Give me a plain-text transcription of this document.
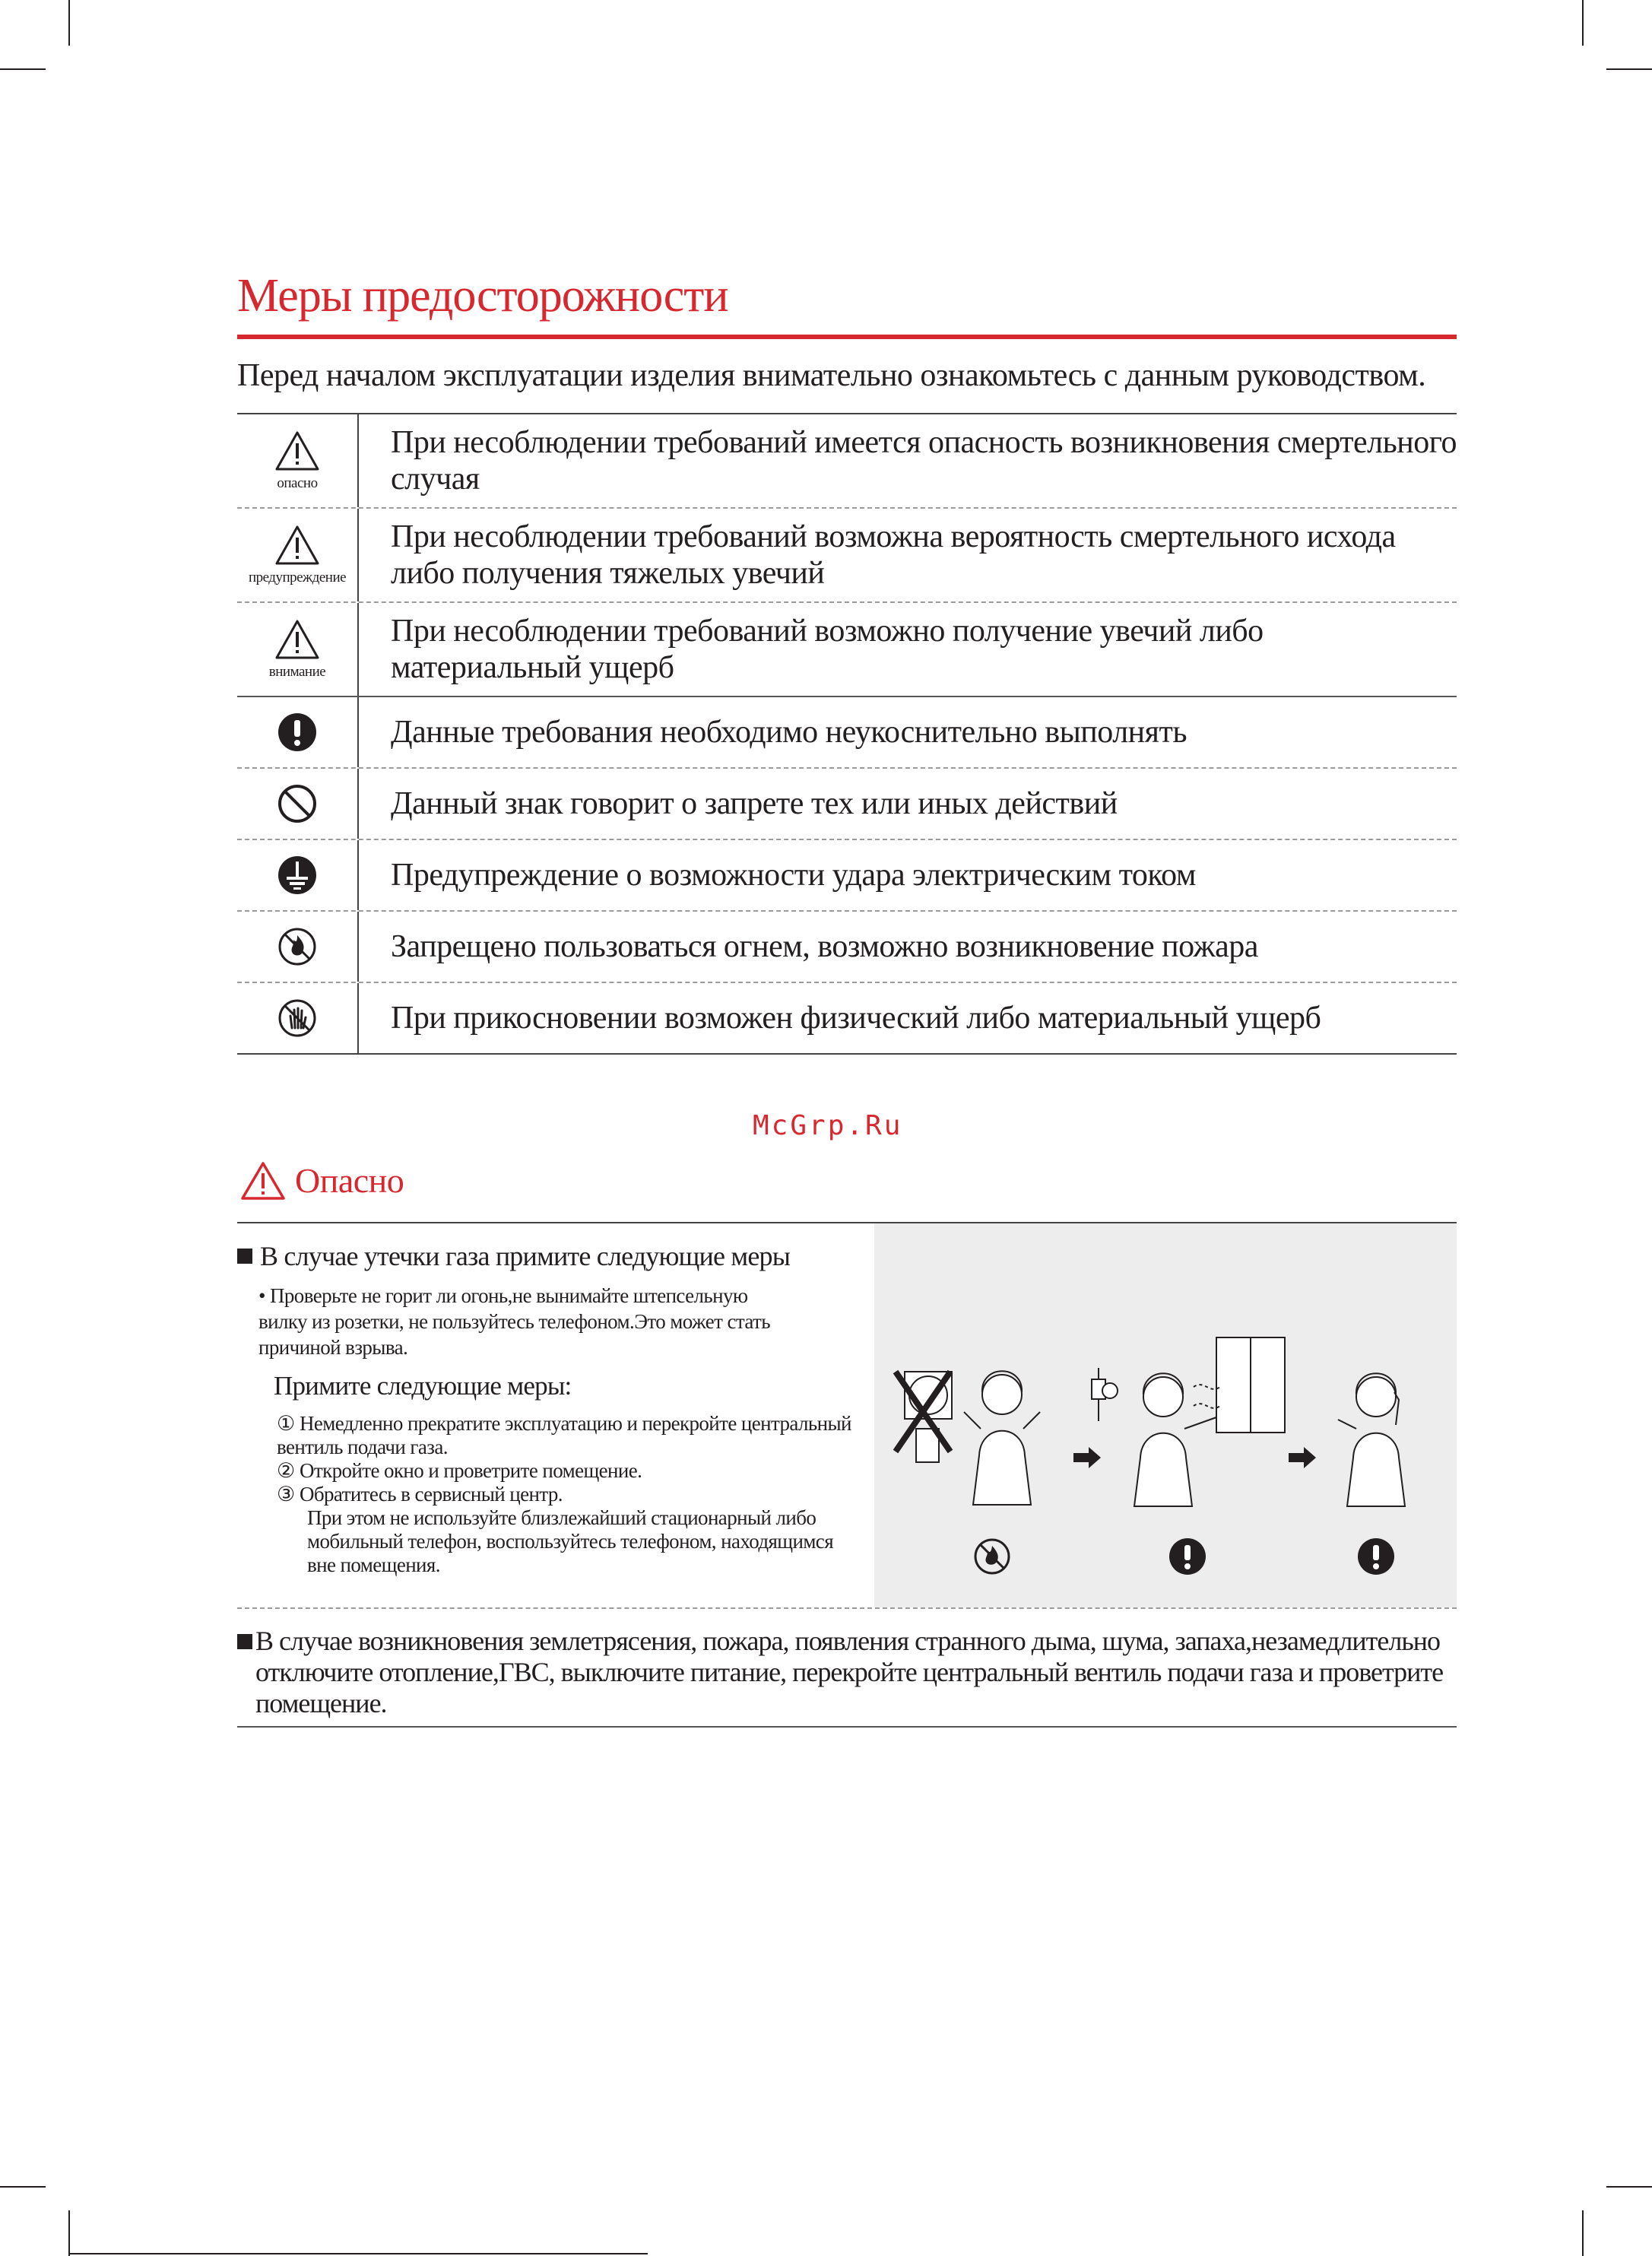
Меры предосторожности
Перед началом эксплуатации изделия внимательно ознакомьтесь с данным руководством.
опасно
При несоблюдении требований имеется опасность возникновения смертельного случая
предупреждение
При несоблюдении требований возможна вероятность смертельного исхода либо получения тяжелых увечий
внимание
При несоблюдении требований возможно получение увечий либо материальный ущерб
Данные требования необходимо неукоснительно выполнять
Данный знак говорит о запрете тех или иных действий
Предупреждение о возможности удара электрическим током
Запрещено пользоваться огнем, возможно возникновение пожара
При прикосновении возможен физический либо материальный ущерб
McGrp.Ru
Опасно
В случае утечки газа примите следующие меры
• Проверьте не горит ли огонь,не вынимайте штепсельную вилку из розетки, не пользуйтесь телефоном.Это может стать причиной взрыва.
Примите следующие меры:
① Немедленно прекратите эксплуатацию и перекройте центральный вентиль подачи газа.
② Откройте окно и проветрите помещение.
③ Обратитесь в сервисный центр.
При этом не используйте близлежайший стационарный либо мобильный телефон, воспользуйтесь телефоном, находящимся вне помещения.
В случае возникновения землетрясения, пожара, появления странного дыма, шума, запаха,незамедлительно отключите отопление,ГВС, выключите питание, перекройте центральный вентиль подачи газа и проветрите помещение.
